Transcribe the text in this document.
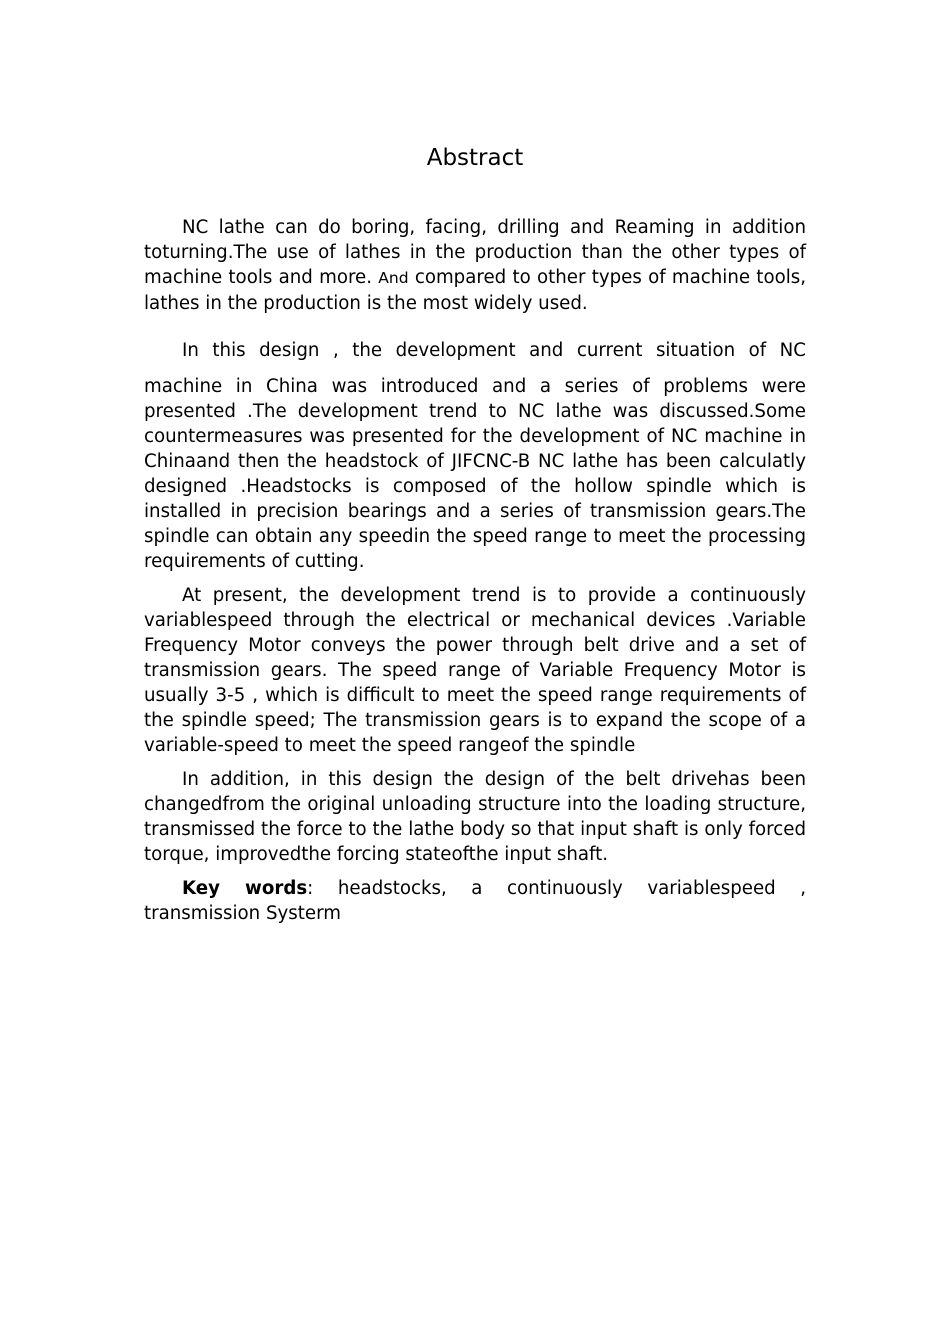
Abstract

NC lathe can do boring, facing, drilling and Reaming in addition toturning.The use of lathes in the production than the other types of machine tools and more. And compared to other types of machine tools, lathes in the production is the most widely used.

In this design , the development and current situation of NC

machine in China was introduced and a series of problems were presented .The development trend to NC lathe was discussed.Some countermeasures was presented for the development of NC machine in Chinaand then the headstock of JIFCNC-B NC lathe has been calculatly designed .Headstocks is composed of the hollow spindle which is installed in precision bearings and a series of transmission gears.The spindle can obtain any speedin the speed range to meet the processing requirements of cutting.

At present, the development trend is to provide a continuously variablespeed through the electrical or mechanical devices .Variable Frequency Motor conveys the power through belt drive and a set of transmission gears. The speed range of Variable Frequency Motor is usually 3-5 , which is difficult to meet the speed range requirements of the spindle speed; The transmission gears is to expand the scope of a variable-speed to meet the speed rangeof the spindle

In addition, in this design the design of the belt drivehas been changedfrom the original unloading structure into the loading structure, transmissed the force to the lathe body so that input shaft is only forced torque, improvedthe forcing stateofthe input shaft.

Key words: headstocks, a continuously variablespeed , transmission Systerm
